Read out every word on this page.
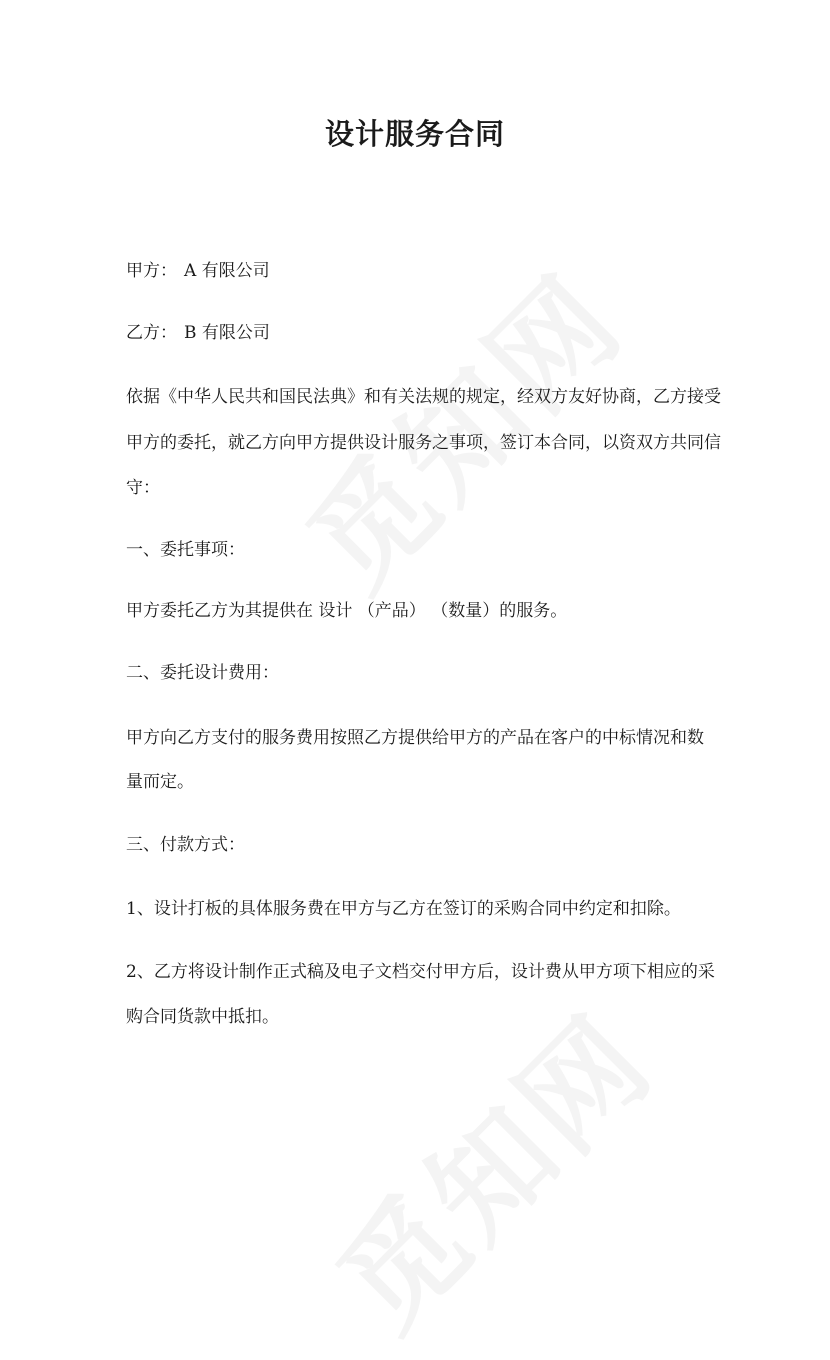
设计服务合同

甲方： A 有限公司

乙方： B 有限公司

依据《中华人民共和国民法典》和有关法规的规定，经双方友好协商，乙方接受

甲方的委托，就乙方向甲方提供设计服务之事项，签订本合同，以资双方共同信

守：

一、委托事项：

甲方委托乙方为其提供在 设计 （产品） （数量）的服务。

二、委托设计费用：

甲方向乙方支付的服务费用按照乙方提供给甲方的产品在客户的中标情况和数

量而定。

三、付款方式：

1、设计打板的具体服务费在甲方与乙方在签订的采购合同中约定和扣除。

2、乙方将设计制作正式稿及电子文档交付甲方后，设计费从甲方项下相应的采

购合同货款中抵扣。
